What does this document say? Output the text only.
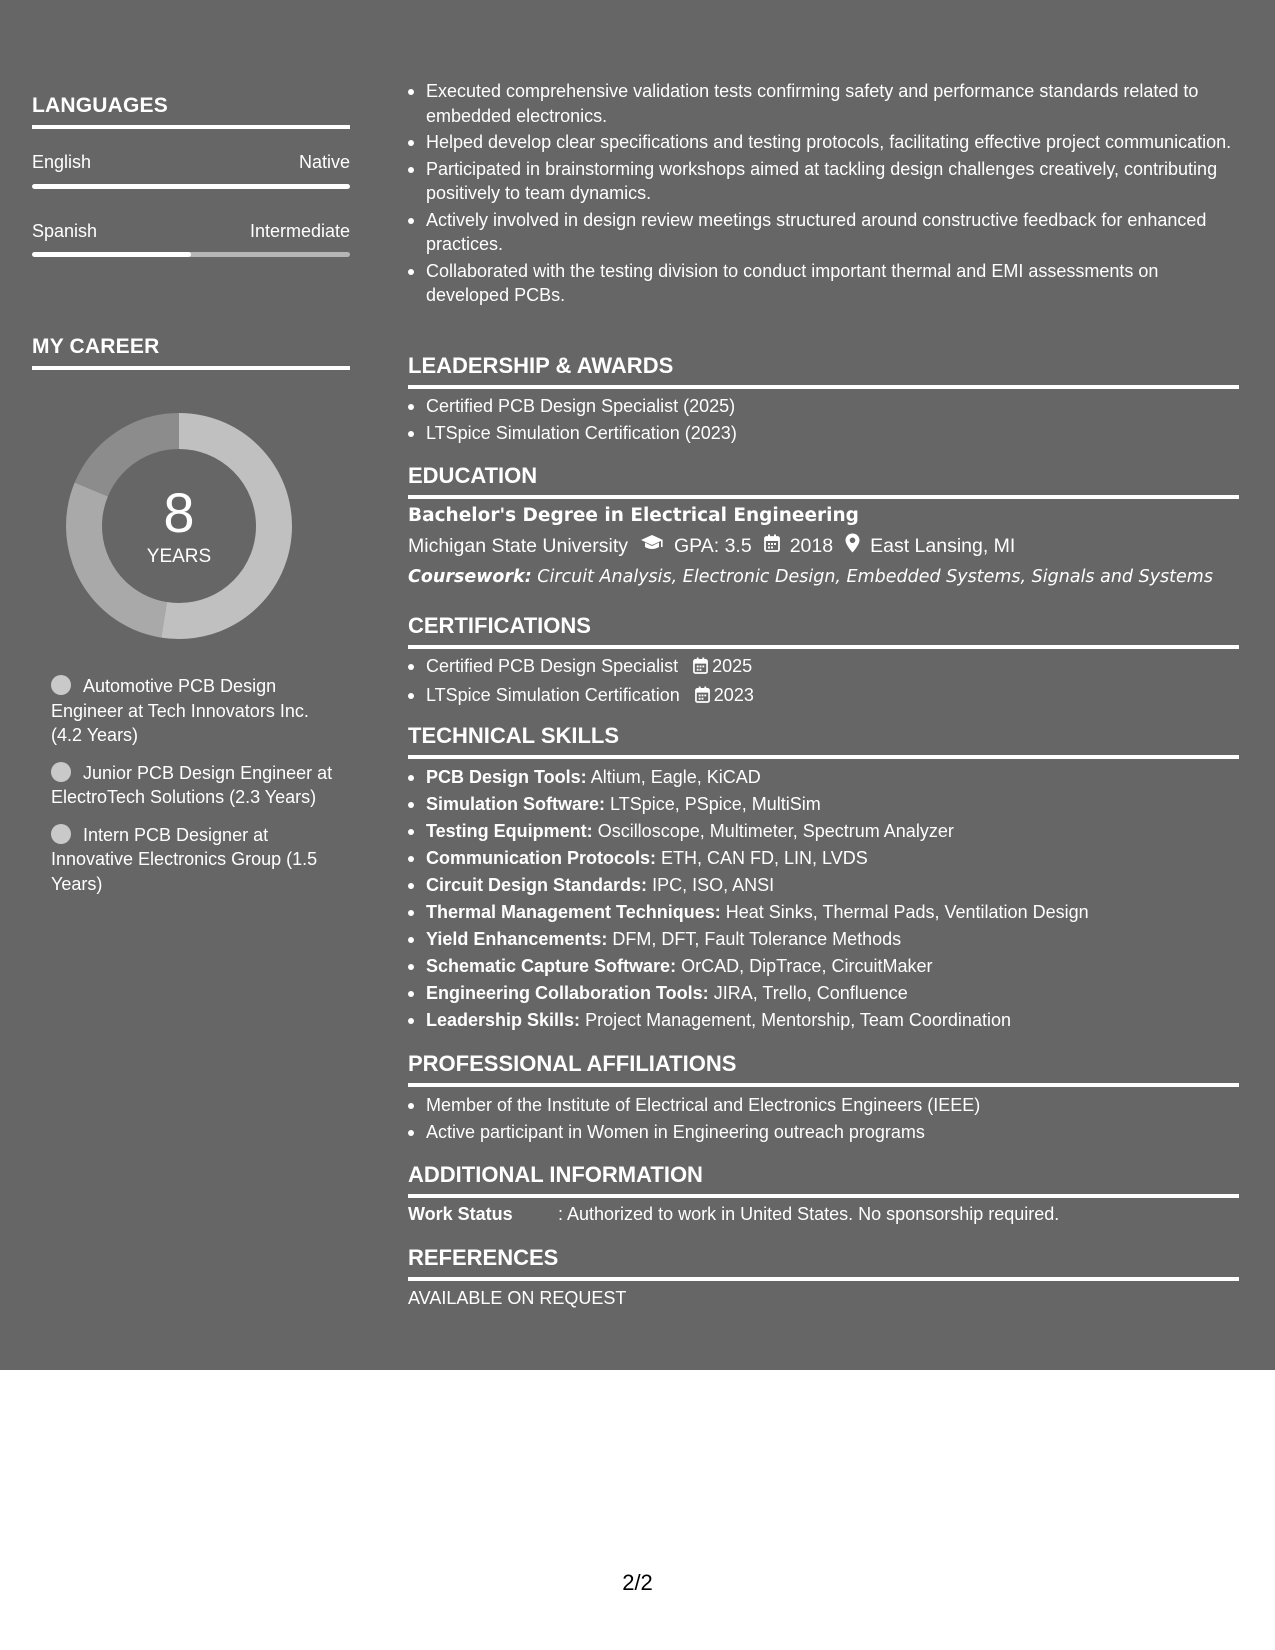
LANGUAGES
English	Native
Spanish	Intermediate
MY CAREER
8
YEARS
Automotive PCB Design Engineer at Tech Innovators Inc. (4.2 Years)
Junior PCB Design Engineer at ElectroTech Solutions (2.3 Years)
Intern PCB Designer at Innovative Electronics Group (1.5 Years)
Executed comprehensive validation tests confirming safety and performance standards related to embedded electronics.
Helped develop clear specifications and testing protocols, facilitating effective project communication.
Participated in brainstorming workshops aimed at tackling design challenges creatively, contributing positively to team dynamics.
Actively involved in design review meetings structured around constructive feedback for enhanced practices.
Collaborated with the testing division to conduct important thermal and EMI assessments on developed PCBs.
LEADERSHIP & AWARDS
Certified PCB Design Specialist (2025)
LTSpice Simulation Certification (2023)
EDUCATION
Bachelor's Degree in Electrical Engineering
Michigan State University GPA: 3.5 2018 East Lansing, MI
Coursework: Circuit Analysis, Electronic Design, Embedded Systems, Signals and Systems
CERTIFICATIONS
Certified PCB Design Specialist 2025
LTSpice Simulation Certification 2023
TECHNICAL SKILLS
PCB Design Tools: Altium, Eagle, KiCAD
Simulation Software: LTSpice, PSpice, MultiSim
Testing Equipment: Oscilloscope, Multimeter, Spectrum Analyzer
Communication Protocols: ETH, CAN FD, LIN, LVDS
Circuit Design Standards: IPC, ISO, ANSI
Thermal Management Techniques: Heat Sinks, Thermal Pads, Ventilation Design
Yield Enhancements: DFM, DFT, Fault Tolerance Methods
Schematic Capture Software: OrCAD, DipTrace, CircuitMaker
Engineering Collaboration Tools: JIRA, Trello, Confluence
Leadership Skills: Project Management, Mentorship, Team Coordination
PROFESSIONAL AFFILIATIONS
Member of the Institute of Electrical and Electronics Engineers (IEEE)
Active participant in Women in Engineering outreach programs
ADDITIONAL INFORMATION
Work Status	: Authorized to work in United States. No sponsorship required.
REFERENCES
AVAILABLE ON REQUEST
2/2
